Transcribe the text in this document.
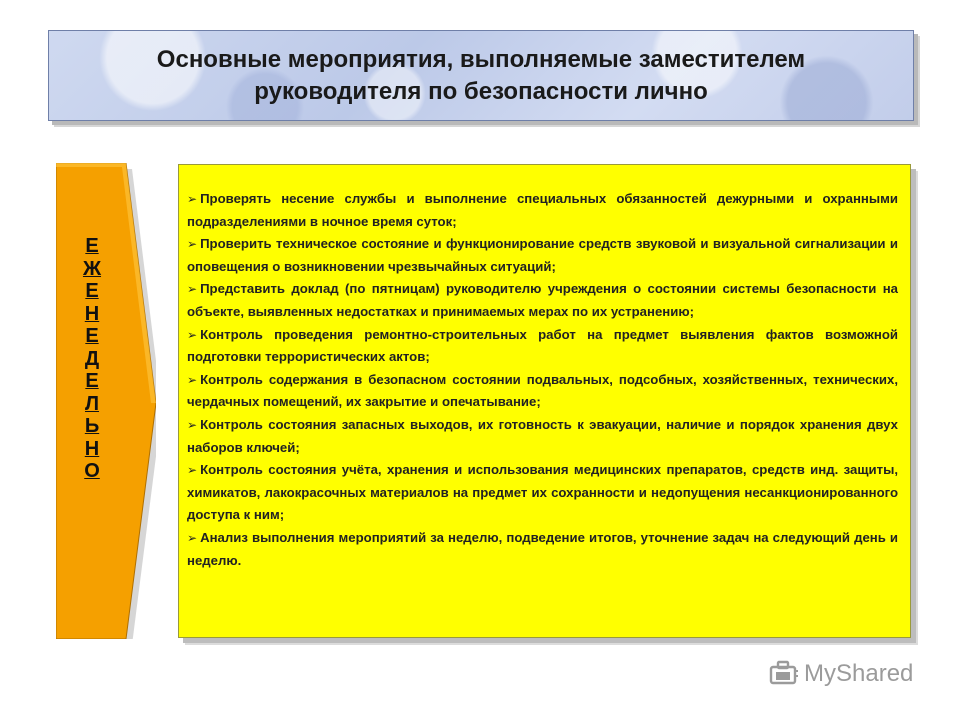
Основные мероприятия, выполняемые заместителем руководителя по безопасности лично
Е
Ж
Е
Н
Е
Д
Е
Л
Ь
Н
О

➢ Проверять несение службы и выполнение специальных обязанностей дежурными и охранными подразделениями в ночное время суток;

➢ Проверить техническое состояние и функционирование средств звуковой и визуальной сигнализации и оповещения о возникновении чрезвычайных ситуаций;

➢ Представить доклад (по пятницам) руководителю учреждения о состоянии системы безопасности на объекте, выявленных недостатках и принимаемых мерах по их устранению;

➢ Контроль проведения ремонтно-строительных работ на предмет выявления фактов возможной подготовки террористических актов;

➢ Контроль содержания в безопасном состоянии подвальных, подсобных, хозяйственных, технических, чердачных помещений, их закрытие и опечатывание;

➢ Контроль состояния запасных выходов, их готовность к эвакуации, наличие и порядок хранения двух наборов ключей;

➢ Контроль состояния учёта, хранения и использования медицинских препаратов, средств инд. защиты, химикатов, лакокрасочных материалов на предмет их сохранности и недопущения несанкционированного доступа к ним;

➢ Анализ выполнения мероприятий за неделю, подведение итогов, уточнение задач на следующий день и неделю.

MyShared
